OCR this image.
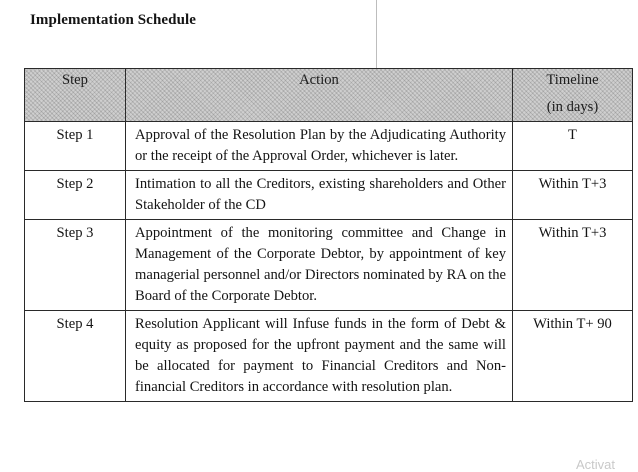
Implementation Schedule
Step	Action	Timeline
(in days)

Step 1	Approval of the Resolution Plan by the Adjudicating Authority or the receipt of the Approval Order, whichever is later.	T
Step 2	Intimation to all the Creditors, existing shareholders and Other Stakeholder of the CD	Within T+3
Step 3	Appointment of the monitoring committee and Change in Management of the Corporate Debtor, by appointment of key managerial personnel and/or Directors nominated by RA on the Board of the Corporate Debtor.	Within T+3
Step 4	Resolution Applicant will Infuse funds in the form of Debt & equity as proposed for the upfront payment and the same will be allocated for payment to Financial Creditors and Non-financial Creditors in accordance with resolution plan.	Within T+ 90
Activat
